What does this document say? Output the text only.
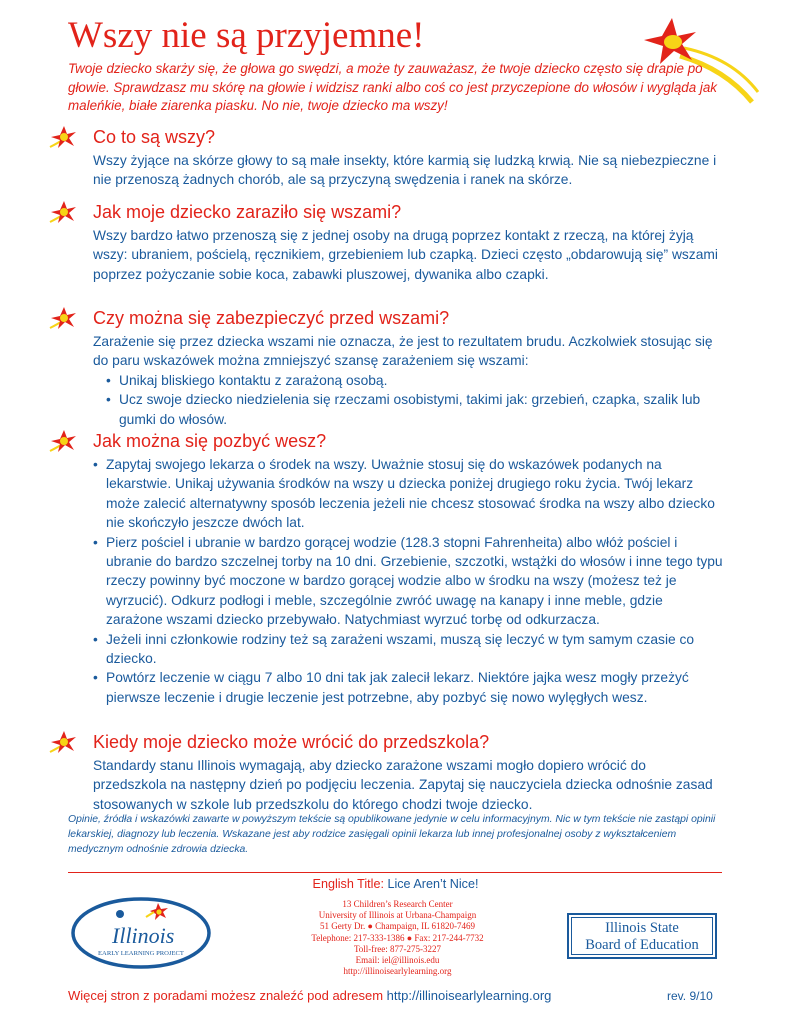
Wszy nie są przyjemne!

Twoje dziecko skarży się, że głowa go swędzi, a może ty zauważasz, że twoje dziecko często się drapie po głowie. Sprawdzasz mu skórę na głowie i widzisz ranki albo coś co jest przyczepione do włosów i wygląda jak maleńkie, białe ziarenka piasku. No nie, twoje dziecko ma wszy!

Co to są wszy?

Wszy żyjące na skórze głowy to są małe insekty, które karmią się ludzką krwią. Nie są niebezpieczne i nie przenoszą żadnych chorób, ale są przyczyną swędzenia i ranek na skórze.

Jak moje dziecko zaraziło się wszami?

Wszy bardzo łatwo przenoszą się z jednej osoby na drugą poprzez kontakt z rzeczą, na której żyją wszy: ubraniem, pościelą, ręcznikiem, grzebieniem lub czapką. Dzieci często „obdarowują się” wszami poprzez pożyczanie sobie koca, zabawki pluszowej, dywanika albo czapki.

Czy można się zabezpieczyć przed wszami?

Zarażenie się przez dziecka wszami nie oznacza, że jest to rezultatem brudu. Aczkolwiek stosując się do paru wskazówek można zmniejszyć szansę zarażeniem się wszami:

• Unikaj bliskiego kontaktu z zarażoną osobą.
• Ucz swoje dziecko niedzielenia się rzeczami osobistymi, takimi jak: grzebień, czapka, szalik lub gumki do włosów.
Jak można się pozbyć wesz?
• Zapytaj swojego lekarza o środek na wszy. Uważnie stosuj się do wskazówek podanych na lekarstwie. Unikaj używania środków na wszy u dziecka poniżej drugiego roku życia. Twój lekarz może zalecić alternatywny sposób leczenia jeżeli nie chcesz stosować środka na wszy albo dziecko nie skończyło jeszcze dwóch lat.
• Pierz pościel i ubranie w bardzo gorącej wodzie (128.3 stopni Fahrenheita) albo włóż pościel i ubranie do bardzo szczelnej torby na 10 dni. Grzebienie, szczotki, wstążki do włosów i inne tego typu rzeczy powinny być moczone w bardzo gorącej wodzie albo w środku na wszy (możesz też je wyrzucić). Odkurz podłogi i meble, szczególnie zwróć uwagę na kanapy i inne meble, gdzie zarażone wszami dziecko przebywało. Natychmiast wyrzuć torbę od odkurzacza.
• Jeżeli inni członkowie rodziny też są zarażeni wszami, muszą się leczyć w tym samym czasie co dziecko.
• Powtórz leczenie w ciągu 7 albo 10 dni tak jak zalecił lekarz. Niektóre jajka wesz mogły przeżyć pierwsze leczenie i drugie leczenie jest potrzebne, aby pozbyć się nowo wylęgłych wesz.
Kiedy moje dziecko może wrócić do przedszkola?

Standardy stanu Illinois wymagają, aby dziecko zarażone wszami mogło dopiero wrócić do przedszkola na następny dzień po podjęciu leczenia. Zapytaj się nauczyciela dziecka odnośnie zasad stosowanych w szkole lub przedszkolu do którego chodzi twoje dziecko.

Opinie, źródła i wskazówki zawarte w powyższym tekście są opublikowane jedynie w celu informacyjnym. Nic w tym tekście nie zastąpi opinii lekarskiej, diagnozy lub leczenia. Wskazane jest aby rodzice zasięgali opinii lekarza lub innej profesjonalnej osoby z wykształceniem medycznym odnośnie zdrowia dziecka.

English Title: Lice Aren’t Nice!
Illinois
EARLY LEARNING PROJECT
13 Children’s Research Center
University of Illinois at Urbana-Champaign
51 Gerty Dr. ● Champaign, IL 61820-7469
Telephone: 217-333-1386 ● Fax: 217-244-7732
Toll-free: 877-275-3227
Email: iel@illinois.edu
http://illinoisearlylearning.org
Illinois State
Board of Education
Więcej stron z poradami możesz znaleźć pod adresem http://illinoisearlylearning.org	rev. 9/10
